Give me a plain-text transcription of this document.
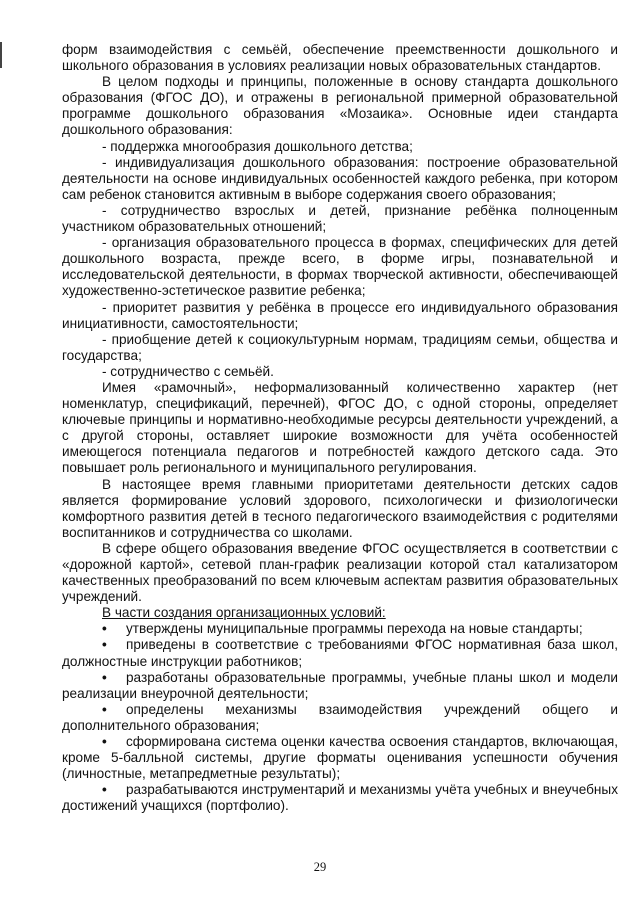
форм взаимодействия с семьёй, обеспечение преемственности дошкольного и школьного образования в условиях реализации новых образовательных стандартов.

В целом подходы и принципы, положенные в основу стандарта дошкольного образования (ФГОС ДО), и отражены в региональной примерной образовательной программе дошкольного образования «Мозаика». Основные идеи стандарта дошкольного образования:

- поддержка многообразия дошкольного детства;

- индивидуализация дошкольного образования: построение образовательной деятельности на основе индивидуальных особенностей каждого ребенка, при котором сам ребенок становится активным в выборе содержания своего образования;

- сотрудничество взрослых и детей, признание ребёнка полноценным участником образовательных отношений;

- организация образовательного процесса в формах, специфических для детей дошкольного возраста, прежде всего, в форме игры, познавательной и исследовательской деятельности, в формах творческой активности, обеспечивающей художественно-эстетическое развитие ребенка;

- приоритет развития у ребёнка в процессе его индивидуального образования инициативности, самостоятельности;

- приобщение детей к социокультурным нормам, традициям семьи, общества и государства;

- сотрудничество с семьёй.

Имея «рамочный», неформализованный количественно характер (нет номенклатур, спецификаций, перечней), ФГОС ДО, с одной стороны, определяет ключевые принципы и нормативно-необходимые ресурсы деятельности учреждений, а с другой стороны, оставляет широкие возможности для учёта особенностей имеющегося потенциала педагогов и потребностей каждого детского сада. Это повышает роль регионального и муниципального регулирования.

В настоящее время главными приоритетами деятельности детских садов является формирование условий здорового, психологически и физиологически комфортного развития детей в тесного педагогического взаимодействия с родителями воспитанников и сотрудничества со школами.

В сфере общего образования введение ФГОС осуществляется в соответствии с «дорожной картой», сетевой план-график реализации которой стал катализатором качественных преобразований по всем ключевым аспектам развития образовательных учреждений.

В части создания организационных условий:

• утверждены муниципальные программы перехода на новые стандарты;
• приведены в соответствие с требованиями ФГОС нормативная база школ, должностные инструкции работников;
• разработаны образовательные программы, учебные планы школ и модели реализации внеурочной деятельности;
• определены механизмы взаимодействия учреждений общего и дополнительного образования;
• сформирована система оценки качества освоения стандартов, включающая, кроме 5-балльной системы, другие форматы оценивания успешности обучения (личностные, метапредметные результаты);
• разрабатываются инструментарий и механизмы учёта учебных и внеучебных достижений учащихся (портфолио).
29
